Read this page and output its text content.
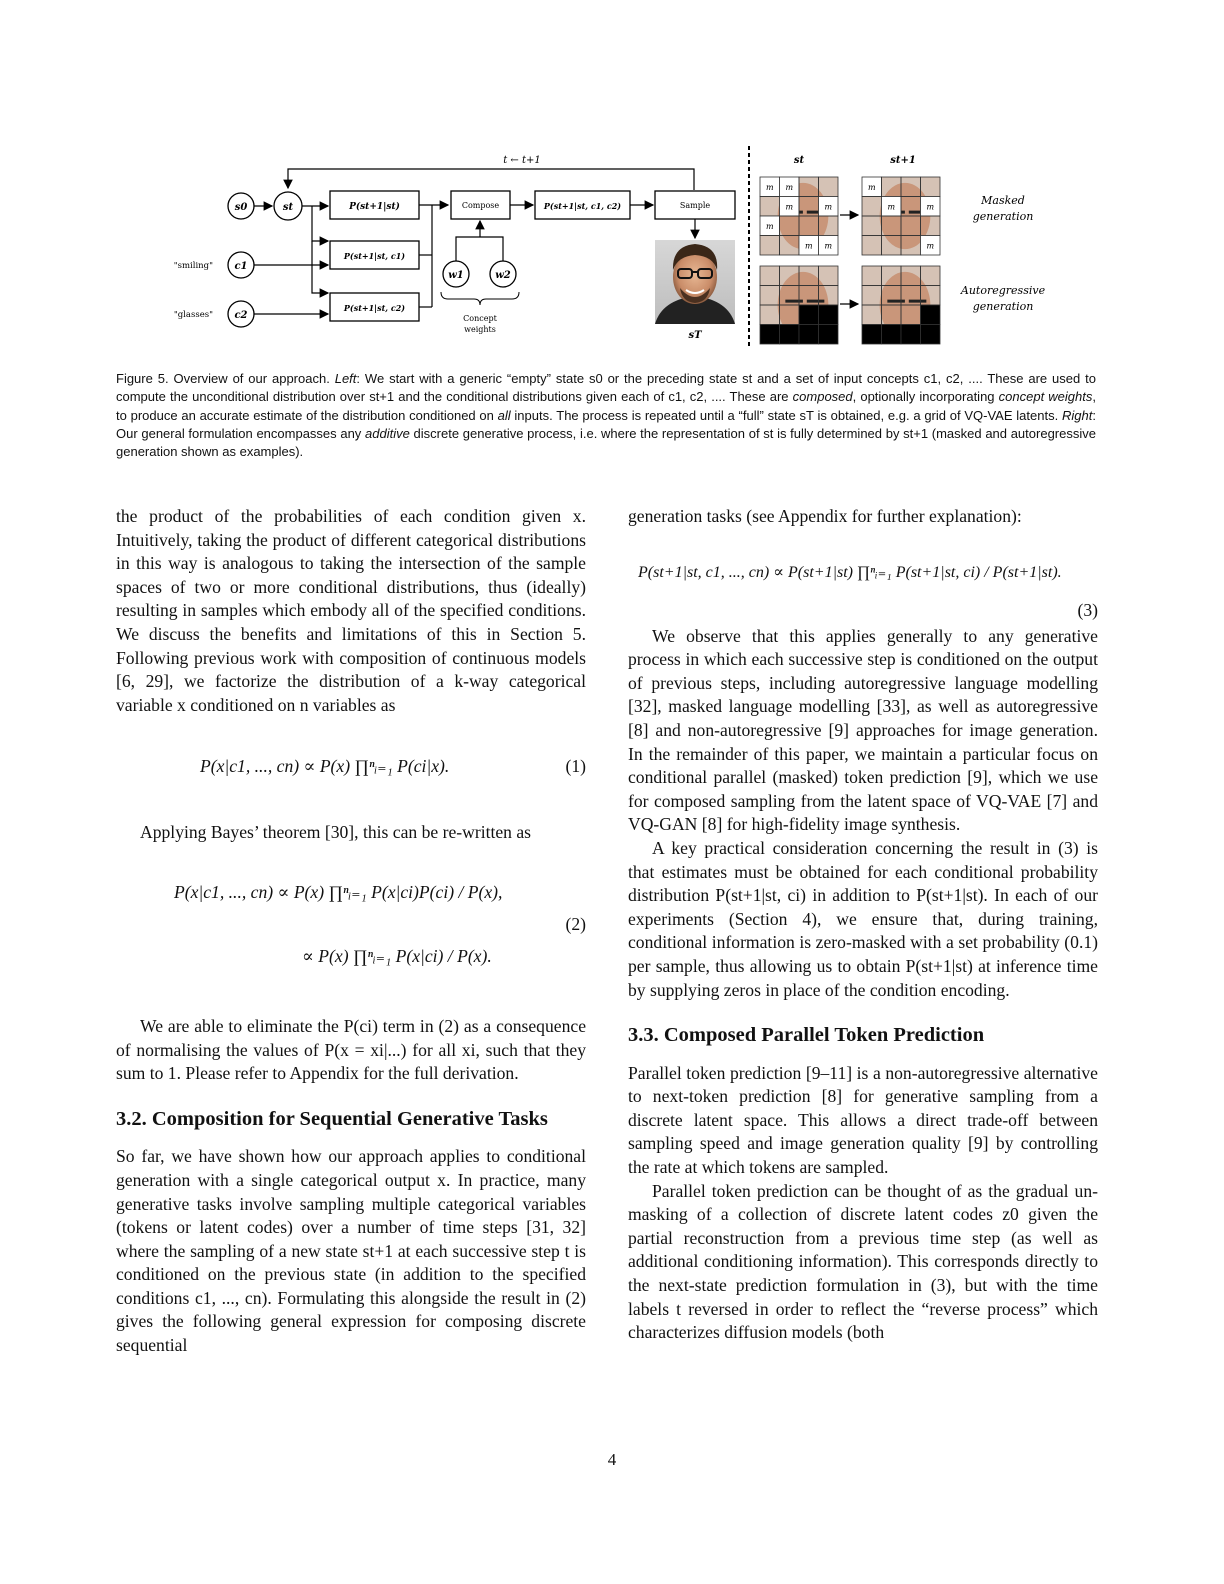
t ← t+1
s0	st
c1
"smiling"
c2
"glasses"
P(st+1|st)
P(st+1|st, c1)
P(st+1|st, c2)
Compose	P(st+1|st, c1, c2)	Sample
w1	w2
Concept
weights
sT
st	st+1
m m
m	m
m
m m
m
m	m
m
Masked
generation
Autoregressive
generation
Figure 5. Overview of our approach. Left: We start with a generic “empty” state s0 or the preceding state st and a set of input concepts c1, c2, .... These are used to compute the unconditional distribution over st+1 and the conditional distributions given each of c1, c2, .... These are composed, optionally incorporating concept weights, to produce an accurate estimate of the distribution conditioned on all inputs. The process is repeated until a “full” state sT is obtained, e.g. a grid of VQ-VAE latents. Right: Our general formulation encompasses any additive discrete generative process, i.e. where the representation of st is fully determined by st+1 (masked and autoregressive generation shown as examples).

the product of the probabilities of each condition given x. Intuitively, taking the product of different categorical distributions in this way is analogous to taking the intersection of the sample spaces of two or more conditional distributions, thus (ideally) resulting in samples which embody all of the specified conditions. We discuss the benefits and limitations of this in Section 5. Following previous work with composition of continuous models [6, 29], we factorize the distribution of a k-way categorical variable x conditioned on n variables as

P(x|c1, ..., cn) ∝ P(x) ∏ⁿᵢ₌₁ P(ci|x).	(1)

Applying Bayes’ theorem [30], this can be re-written as

P(x|c1, ..., cn) ∝ P(x) ∏ⁿᵢ₌₁ P(x|ci)P(ci) / P(x),
∝ P(x) ∏ⁿᵢ₌₁ P(x|ci) / P(x).
(2)

We are able to eliminate the P(ci) term in (2) as a consequence of normalising the values of P(x = xi|...) for all xi, such that they sum to 1. Please refer to Appendix for the full derivation.

3.2. Composition for Sequential Generative Tasks

So far, we have shown how our approach applies to conditional generation with a single categorical output x. In practice, many generative tasks involve sampling multiple categorical variables (tokens or latent codes) over a number of time steps [31, 32] where the sampling of a new state st+1 at each successive step t is conditioned on the previous state (in addition to the specified conditions c1, ..., cn). Formulating this alongside the result in (2) gives the following general expression for composing discrete sequential

generation tasks (see Appendix for further explanation):

P(st+1|st, c1, ..., cn) ∝ P(st+1|st) ∏ⁿᵢ₌₁ P(st+1|st, ci) / P(st+1|st).
(3)

We observe that this applies generally to any generative process in which each successive step is conditioned on the output of previous steps, including autoregressive language modelling [32], masked language modelling [33], as well as autoregressive [8] and non-autoregressive [9] approaches for image generation. In the remainder of this paper, we maintain a particular focus on conditional parallel (masked) token prediction [9], which we use for composed sampling from the latent space of VQ-VAE [7] and VQ-GAN [8] for high-fidelity image synthesis.

A key practical consideration concerning the result in (3) is that estimates must be obtained for each conditional probability distribution P(st+1|st, ci) in addition to P(st+1|st). In each of our experiments (Section 4), we ensure that, during training, conditional information is zero-masked with a set probability (0.1) per sample, thus allowing us to obtain P(st+1|st) at inference time by supplying zeros in place of the condition encoding.

3.3. Composed Parallel Token Prediction

Parallel token prediction [9–11] is a non-autoregressive alternative to next-token prediction [8] for generative sampling from a discrete latent space. This allows a direct trade-off between sampling speed and image generation quality [9] by controlling the rate at which tokens are sampled.

Parallel token prediction can be thought of as the gradual un-masking of a collection of discrete latent codes z0 given the partial reconstruction from a previous time step (as well as additional conditioning information). This corresponds directly to the next-state prediction formulation in (3), but with the time labels t reversed in order to reflect the “reverse process” which characterizes diffusion models (both

4
